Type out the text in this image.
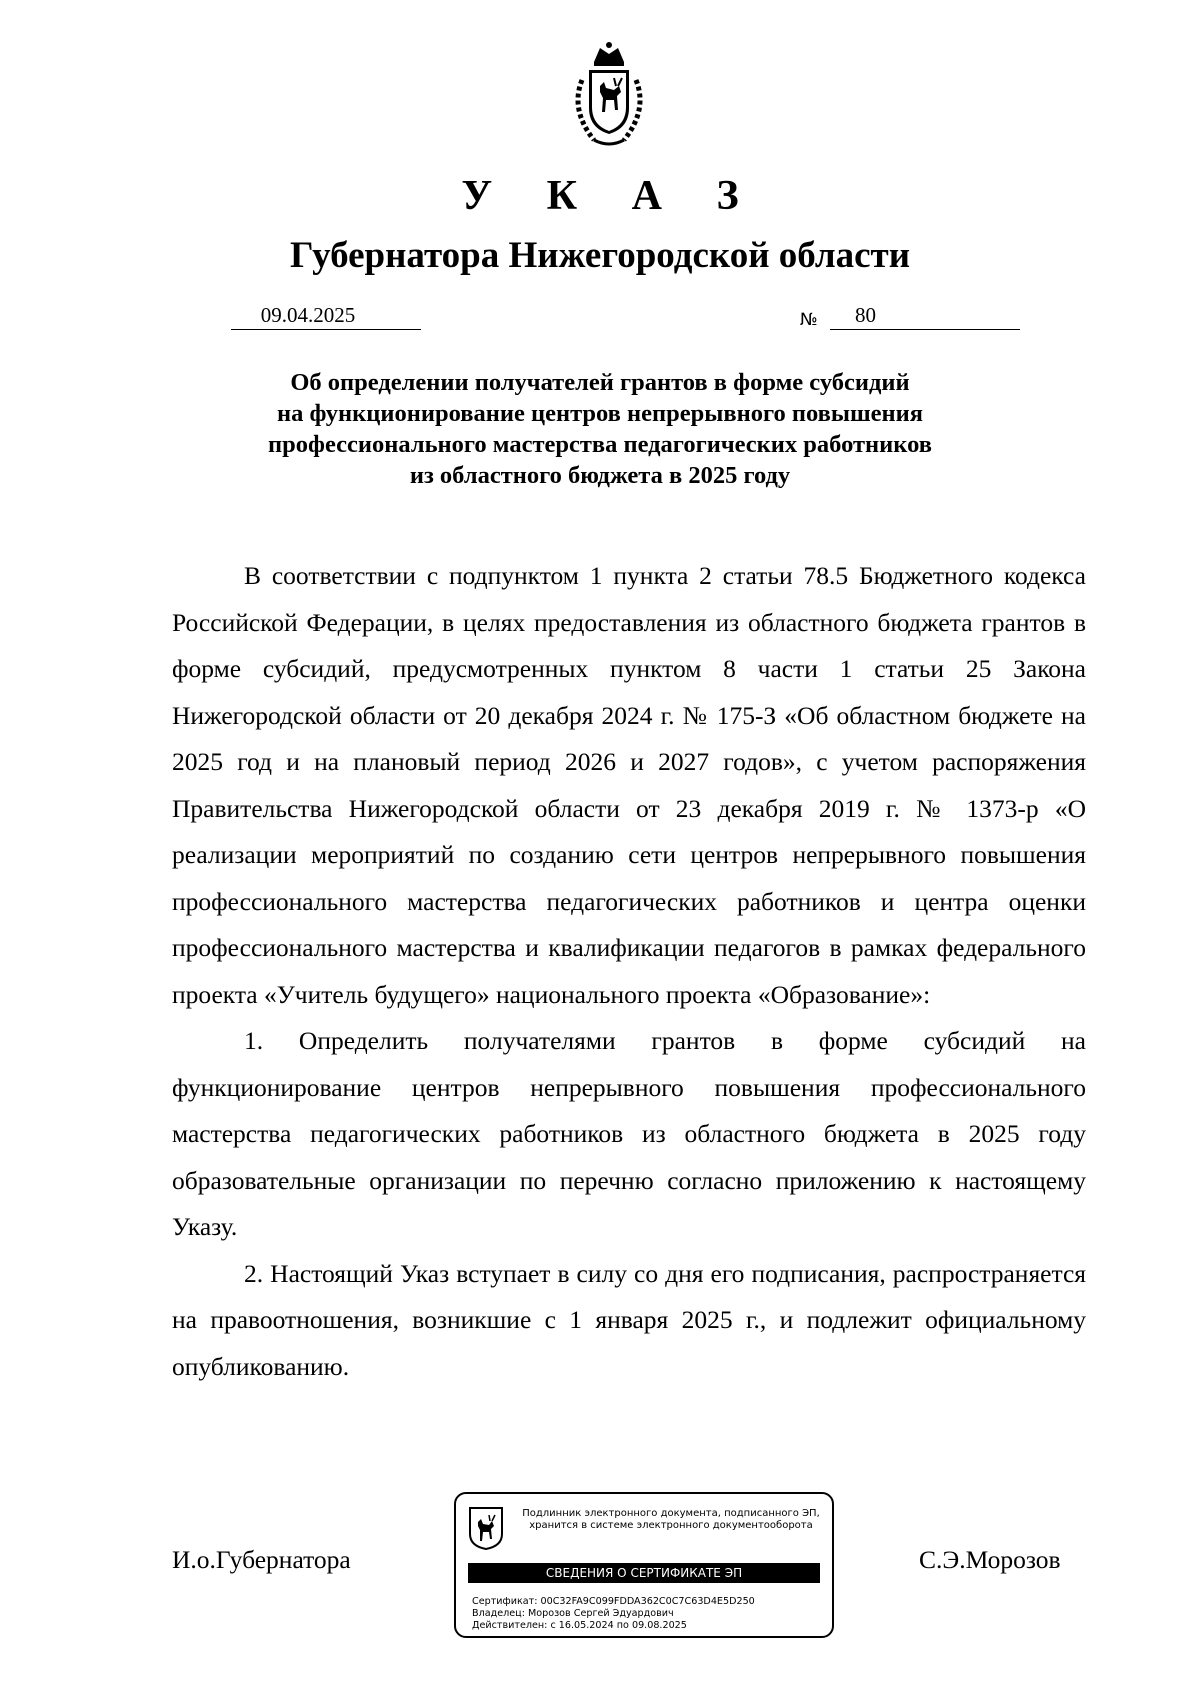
У К А З
Губернатора Нижегородской области
09.04.2025	№ 80
Об определении получателей грантов в форме субсидий
на функционирование центров непрерывного повышения
профессионального мастерства педагогических работников
из областного бюджета в 2025 году

В соответствии с подпунктом 1 пункта 2 статьи 78.5 Бюджетного кодекса Российской Федерации, в целях предоставления из областного бюджета грантов в форме субсидий, предусмотренных пунктом 8 части 1 статьи 25 Закона Нижегородской области от 20 декабря 2024 г. № 175-З «Об областном бюджете на 2025 год и на плановый период 2026 и 2027 годов», с учетом распоряжения Правительства Нижегородской области от 23 декабря 2019 г. № 1373-р «О реализации мероприятий по созданию сети центров непрерывного повышения профессионального мастерства педагогических работников и центра оценки профессионального мастерства и квалификации педагогов в рамках федерального проекта «Учитель будущего» национального проекта «Образование»:

1. Определить получателями грантов в форме субсидий на функционирование центров непрерывного повышения профессионального мастерства педагогических работников из областного бюджета в 2025 году образовательные организации по перечню согласно приложению к настоящему Указу.

2. Настоящий Указ вступает в силу со дня его подписания, распространяется на правоотношения, возникшие с 1 января 2025 г., и подлежит официальному опубликованию.

И.о.Губернатора	С.Э.Морозов
Подлинник электронного документа, подписанного ЭП,
хранится в системе электронного документооборота
СВЕДЕНИЯ О СЕРТИФИКАТЕ ЭП
Сертификат: 00C32FA9C099FDDA362C0C7C63D4E5D250
Владелец: Морозов Сергей Эдуардович
Действителен: с 16.05.2024 по 09.08.2025
